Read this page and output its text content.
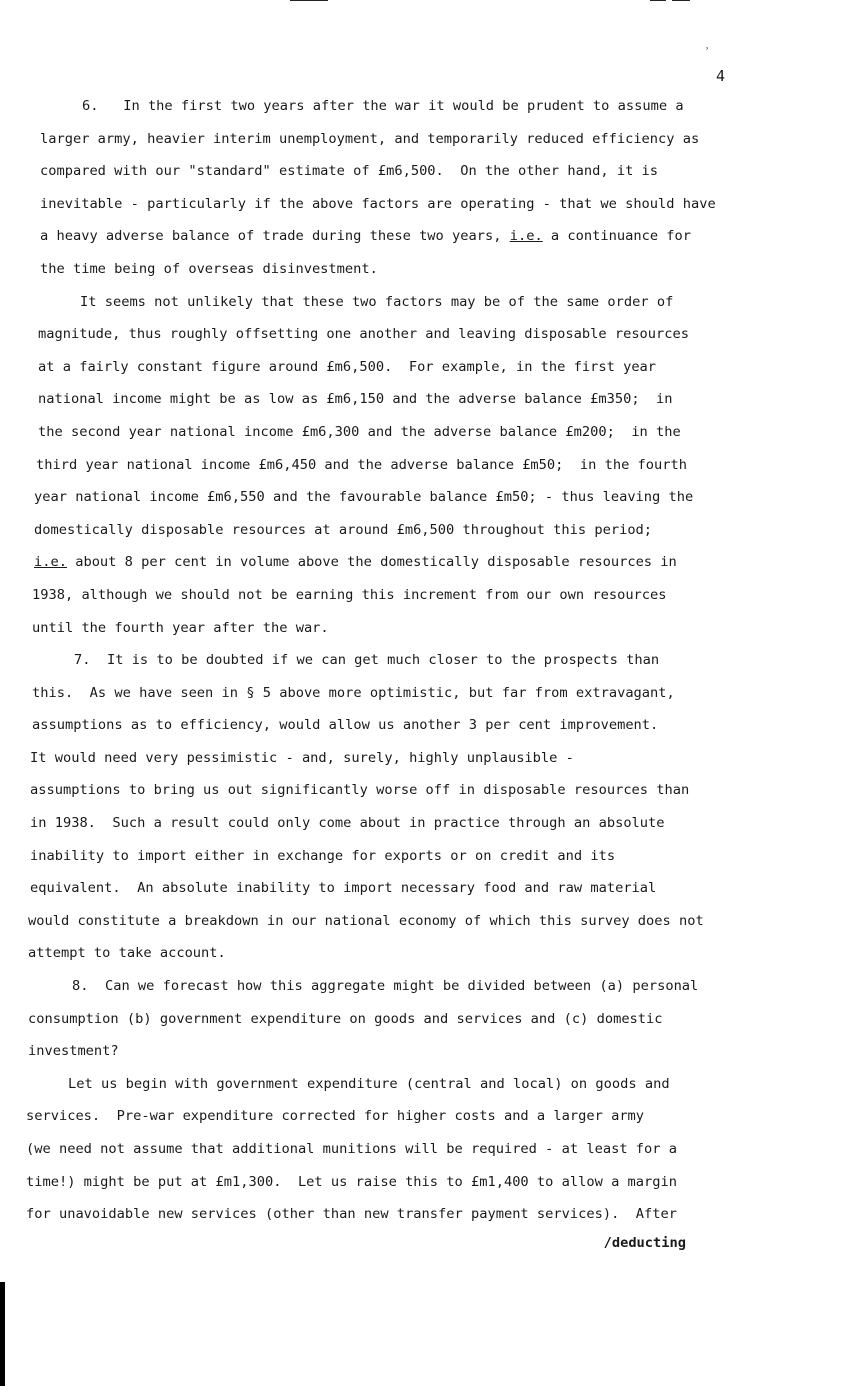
˒
4
6. In the first two years after the war it would be prudent to assume a
larger army, heavier interim unemployment, and temporarily reduced efficiency as
compared with our "standard" estimate of £m6,500.  On the other hand, it is
inevitable - particularly if the above factors are operating - that we should have
a heavy adverse balance of trade during these two years, i.e. a continuance for
the time being of overseas disinvestment.
It seems not unlikely that these two factors may be of the same order of
magnitude, thus roughly offsetting one another and leaving disposable resources
at a fairly constant figure around £m6,500.  For example, in the first year
national income might be as low as £m6,150 and the adverse balance £m350;  in
the second year national income £m6,300 and the adverse balance £m200;  in the
third year national income £m6,450 and the adverse balance £m50;  in the fourth
year national income £m6,550 and the favourable balance £m50; - thus leaving the
domestically disposable resources at around £m6,500 throughout this period;
i.e. about 8 per cent in volume above the domestically disposable resources in
1938, although we should not be earning this increment from our own resources
until the fourth year after the war.
7. It is to be doubted if we can get much closer to the prospects than
this.  As we have seen in § 5 above more optimistic, but far from extravagant,
assumptions as to efficiency, would allow us another 3 per cent improvement.
It would need very pessimistic - and, surely, highly unplausible -
assumptions to bring us out significantly worse off in disposable resources than
in 1938.  Such a result could only come about in practice through an absolute
inability to import either in exchange for exports or on credit and its
equivalent.  An absolute inability to import necessary food and raw material
would constitute a breakdown in our national economy of which this survey does not
attempt to take account.
8. Can we forecast how this aggregate might be divided between (a) personal
consumption (b) government expenditure on goods and services and (c) domestic
investment?
Let us begin with government expenditure (central and local) on goods and
services.  Pre-war expenditure corrected for higher costs and a larger army
(we need not assume that additional munitions will be required - at least for a
time!) might be put at £m1,300.  Let us raise this to £m1,400 to allow a margin
for unavoidable new services (other than new transfer payment services).  After
/deducting
